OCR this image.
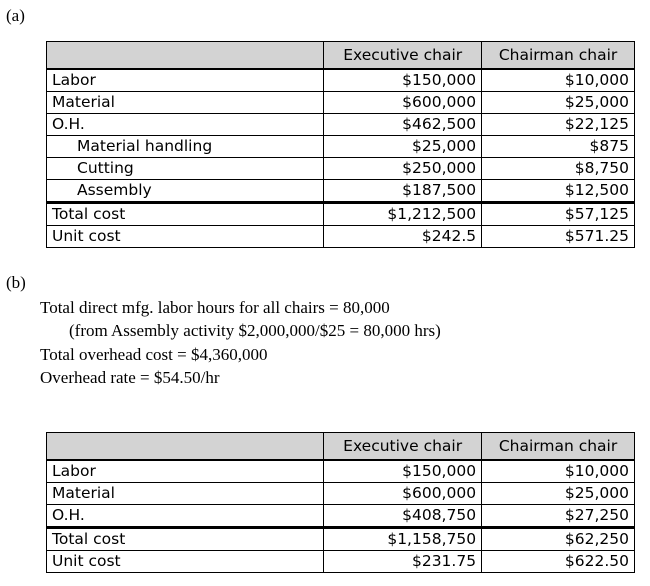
(a)
	Executive chair	Chairman chair
Labor	$150,000	$10,000
Material	$600,000	$25,000
O.H.	$462,500	$22,125
Material handling	$25,000	$875
Cutting	$250,000	$8,750
Assembly	$187,500	$12,500
Total cost	$1,212,500	$57,125
Unit cost	$242.5	$571.25
(b)
Total direct mfg. labor hours for all chairs = 80,000
(from Assembly activity $2,000,000/$25 = 80,000 hrs)
Total overhead cost = $4,360,000
Overhead rate = $54.50/hr
	Executive chair	Chairman chair
Labor	$150,000	$10,000
Material	$600,000	$25,000
O.H.	$408,750	$27,250
Total cost	$1,158,750	$62,250
Unit cost	$231.75	$622.50
